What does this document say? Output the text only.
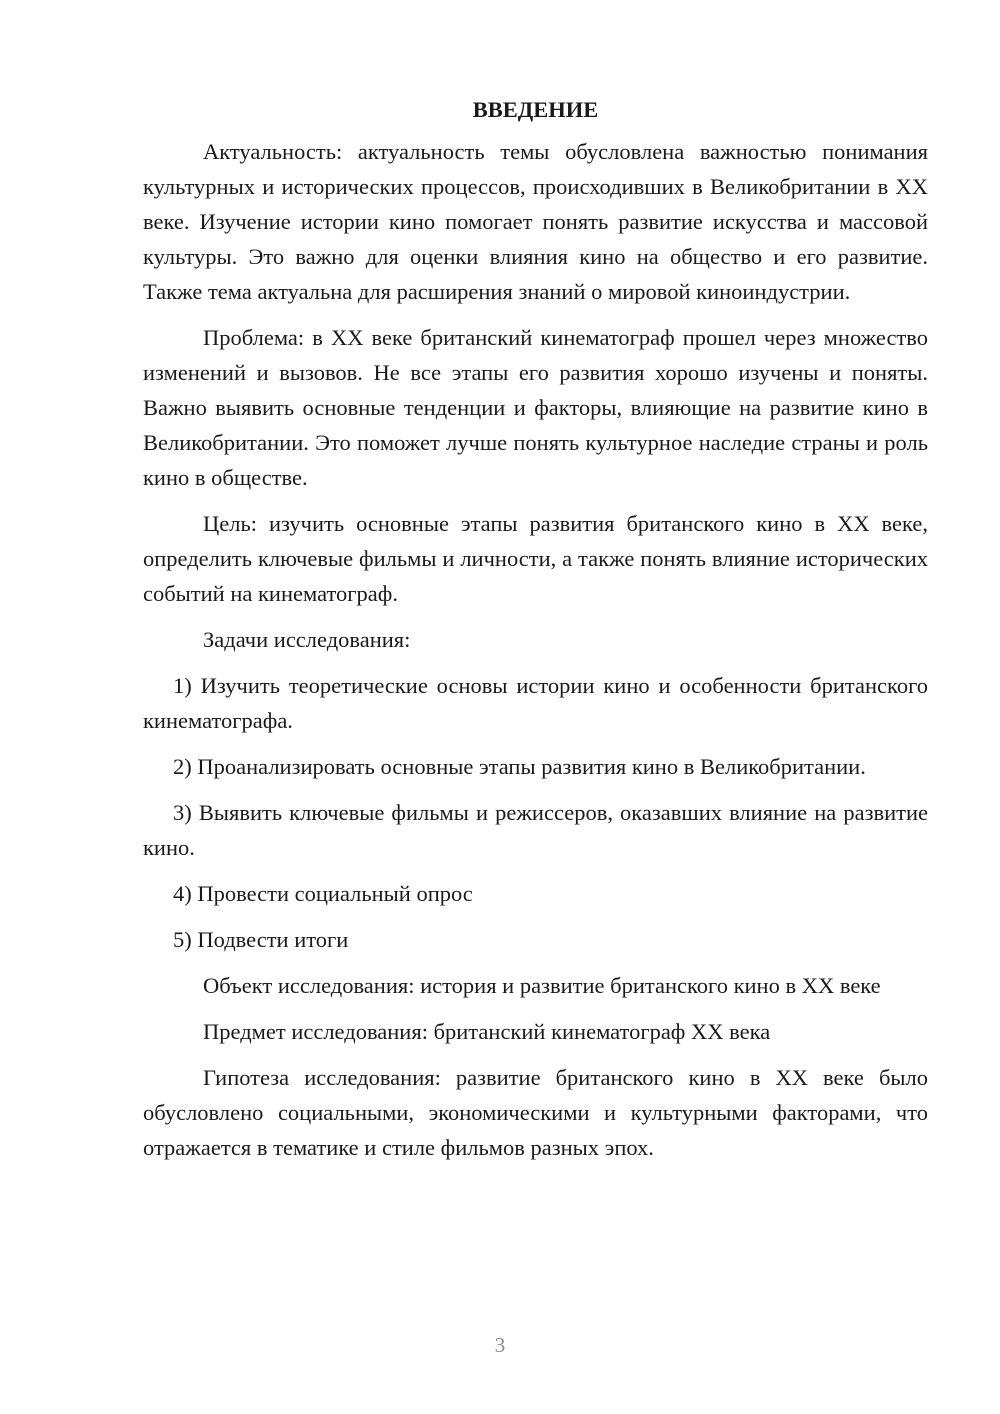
ВВЕДЕНИЕ

Актуальность: актуальность темы обусловлена важностью понимания культурных и исторических процессов, происходивших в Великобритании в XX веке. Изучение истории кино помогает понять развитие искусства и массовой культуры. Это важно для оценки влияния кино на общество и его развитие. Также тема актуальна для расширения знаний о мировой киноиндустрии.

Проблема: в XX веке британский кинематограф прошел через множество изменений и вызовов. Не все этапы его развития хорошо изучены и поняты. Важно выявить основные тенденции и факторы, влияющие на развитие кино в Великобритании. Это поможет лучше понять культурное наследие страны и роль кино в обществе.

Цель: изучить основные этапы развития британского кино в XX веке, определить ключевые фильмы и личности, а также понять влияние исторических событий на кинематограф.

Задачи исследования:

1) Изучить теоретические основы истории кино и особенности британского кинематографа.

2) Проанализировать основные этапы развития кино в Великобритании.

3) Выявить ключевые фильмы и режиссеров, оказавших влияние на развитие кино.

4) Провести социальный опрос

5) Подвести итоги

Объект исследования: история и развитие британского кино в XX веке

Предмет исследования: британский кинематограф XX века

Гипотеза исследования: развитие британского кино в XX веке было обусловлено социальными, экономическими и культурными факторами, что отражается в тематике и стиле фильмов разных эпох.

3
